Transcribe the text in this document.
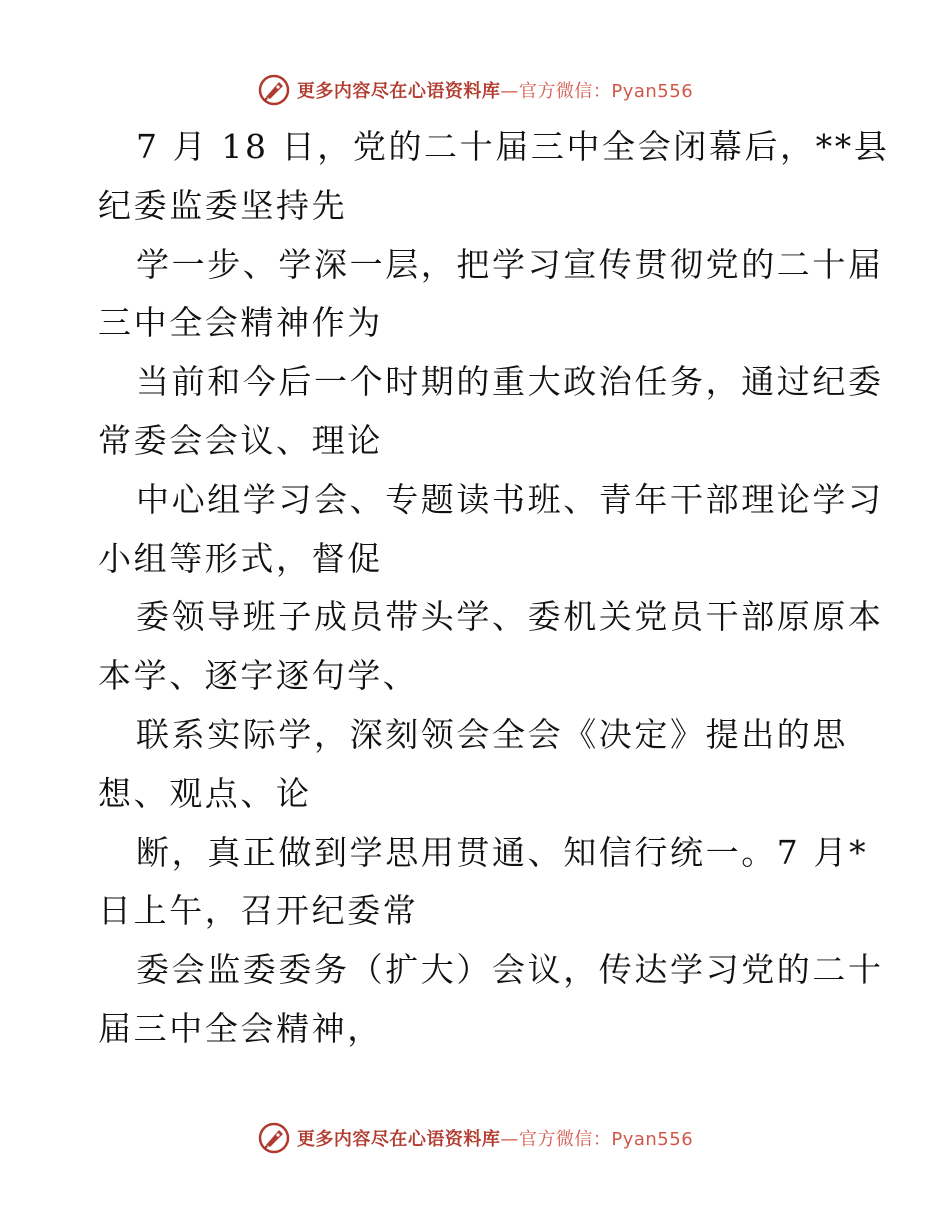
更多内容尽在心语资料库—官方微信：Pyan556
7 月 18 日，党的二十届三中全会闭幕后，**县
纪委监委坚持先
学一步、学深一层，把学习宣传贯彻党的二十届
三中全会精神作为
当前和今后一个时期的重大政治任务，通过纪委
常委会会议、理论
中心组学习会、专题读书班、青年干部理论学习
小组等形式，督促
委领导班子成员带头学、委机关党员干部原原本
本学、逐字逐句学、
联系实际学，深刻领会全会《决定》提出的思
想、观点、论
断，真正做到学思用贯通、知信行统一。7 月*
日上午，召开纪委常
委会监委委务（扩大）会议，传达学习党的二十
届三中全会精神，
更多内容尽在心语资料库—官方微信：Pyan556
